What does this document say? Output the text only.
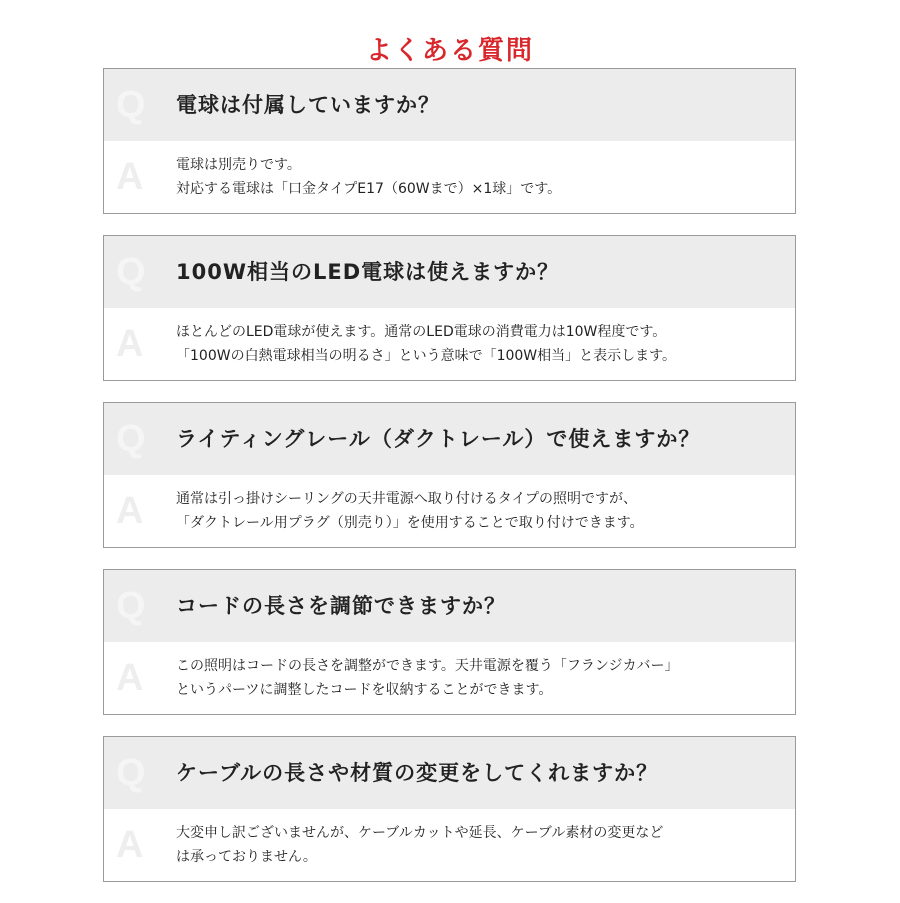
よくある質問
Q 電球は付属していますか？
A 電球は別売りです。
対応する電球は「口金タイプE17（60Wまで）×1球」です。
Q 100W相当のLED電球は使えますか？
A ほとんどのLED電球が使えます。通常のLED電球の消費電力は10W程度です。
「100Wの白熱電球相当の明るさ」という意味で「100W相当」と表示します。
Q ライティングレール（ダクトレール）で使えますか？
A 通常は引っ掛けシーリングの天井電源へ取り付けるタイプの照明ですが、
「ダクトレール用プラグ（別売り）」を使用することで取り付けできます。
Q コードの長さを調節できますか？
A この照明はコードの長さを調整ができます。天井電源を覆う「フランジカバー」
というパーツに調整したコードを収納することができます。
Q ケーブルの長さや材質の変更をしてくれますか？
A 大変申し訳ございませんが、ケーブルカットや延長、ケーブル素材の変更など
は承っておりません。
